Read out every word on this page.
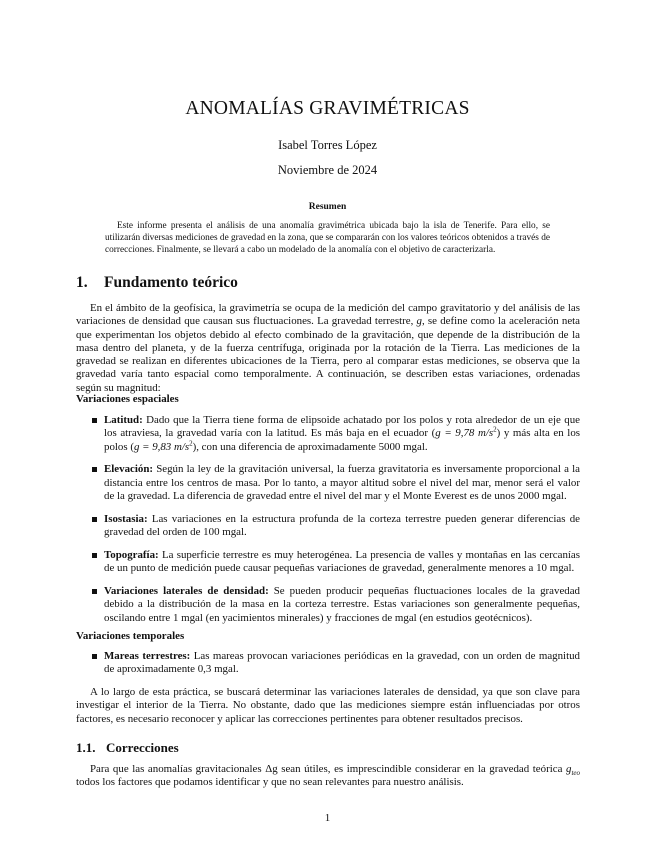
ANOMALÍAS GRAVIMÉTRICAS
Isabel Torres López
Noviembre de 2024
Resumen
Este informe presenta el análisis de una anomalía gravimétrica ubicada bajo la isla de Tenerife. Para ello, se utilizarán diversas mediciones de gravedad en la zona, que se compararán con los valores teóricos obtenidos a través de correcciones. Finalmente, se llevará a cabo un modelado de la anomalía con el objetivo de caracterizarla.
1. Fundamento teórico
En el ámbito de la geofísica, la gravimetría se ocupa de la medición del campo gravitatorio y del análisis de las variaciones de densidad que causan sus fluctuaciones. La gravedad terrestre, g, se define como la aceleración neta que experimentan los objetos debido al efecto combinado de la gravitación, que depende de la distribución de la masa dentro del planeta, y de la fuerza centrífuga, originada por la rotación de la Tierra. Las mediciones de la gravedad se realizan en diferentes ubicaciones de la Tierra, pero al comparar estas mediciones, se observa que la gravedad varía tanto espacial como temporalmente. A continuación, se describen estas variaciones, ordenadas según su magnitud:
Variaciones espaciales
Latitud: Dado que la Tierra tiene forma de elipsoide achatado por los polos y rota alrededor de un eje que los atraviesa, la gravedad varía con la latitud. Es más baja en el ecuador (g = 9,78 $m/s^2$) y más alta en los polos (g = 9,83 $m/s^2$), con una diferencia de aproximadamente 5000 mgal.
Elevación: Según la ley de la gravitación universal, la fuerza gravitatoria es inversamente proporcional a la distancia entre los centros de masa. Por lo tanto, a mayor altitud sobre el nivel del mar, menor será el valor de la gravedad. La diferencia de gravedad entre el nivel del mar y el Monte Everest es de unos 2000 mgal.
Isostasia: Las variaciones en la estructura profunda de la corteza terrestre pueden generar diferencias de gravedad del orden de 100 mgal.
Topografía: La superficie terrestre es muy heterogénea. La presencia de valles y montañas en las cercanías de un punto de medición puede causar pequeñas variaciones de gravedad, generalmente menores a 10 mgal.
Variaciones laterales de densidad: Se pueden producir pequeñas fluctuaciones locales de la gravedad debido a la distribución de la masa en la corteza terrestre. Estas variaciones son generalmente pequeñas, oscilando entre 1 mgal (en yacimientos minerales) y fracciones de mgal (en estudios geotécnicos).
Variaciones temporales
Mareas terrestres: Las mareas provocan variaciones periódicas en la gravedad, con un orden de magnitud de aproximadamente 0,3 mgal.
A lo largo de esta práctica, se buscará determinar las variaciones laterales de densidad, ya que son clave para investigar el interior de la Tierra. No obstante, dado que las mediciones siempre están influenciadas por otros factores, es necesario reconocer y aplicar las correcciones pertinentes para obtener resultados precisos.
1.1. Correcciones
Para que las anomalías gravitacionales Δg sean útiles, es imprescindible considerar en la gravedad teórica $g_{teo}$ todos los factores que podamos identificar y que no sean relevantes para nuestro análisis.
1
